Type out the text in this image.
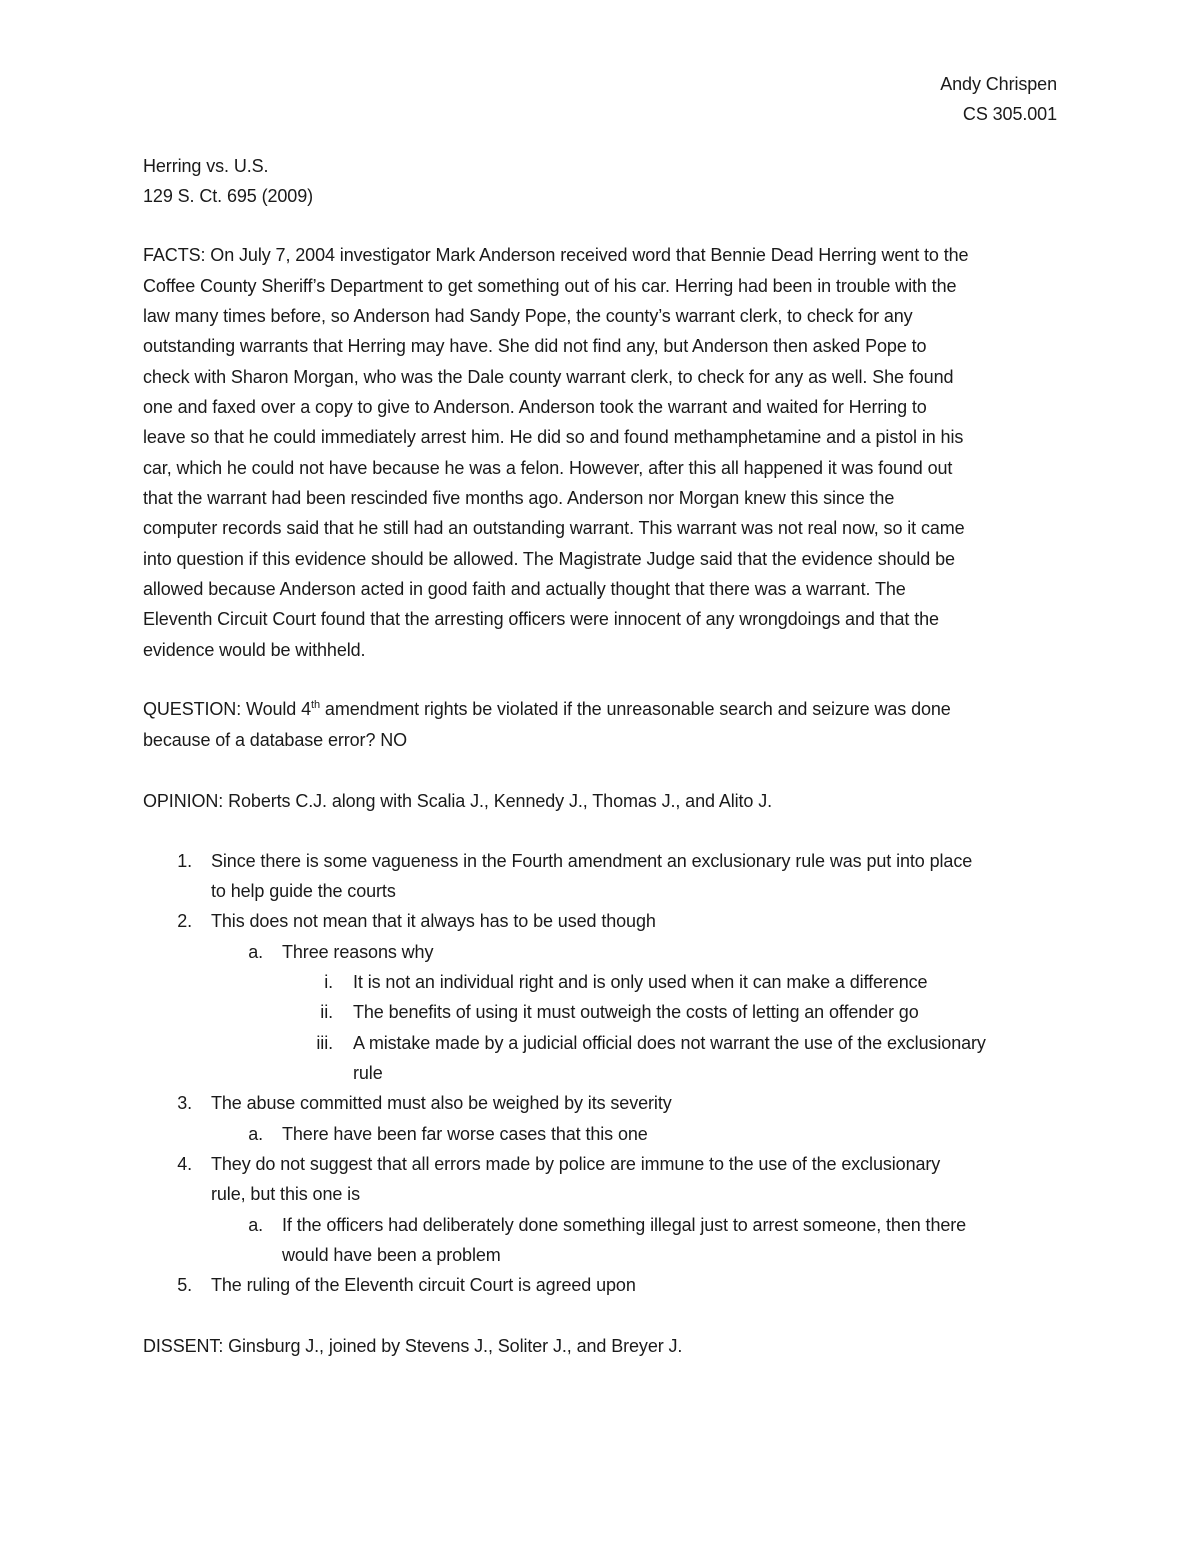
Andy Chrispen
CS 305.001
Herring vs. U.S.
129 S. Ct. 695 (2009)
FACTS: On July 7, 2004 investigator Mark Anderson received word that Bennie Dead Herring went to the
Coffee County Sheriff’s Department to get something out of his car. Herring had been in trouble with the
law many times before, so Anderson had Sandy Pope, the county’s warrant clerk, to check for any
outstanding warrants that Herring may have. She did not find any, but Anderson then asked Pope to
check with Sharon Morgan, who was the Dale county warrant clerk, to check for any as well. She found
one and faxed over a copy to give to Anderson. Anderson took the warrant and waited for Herring to
leave so that he could immediately arrest him. He did so and found methamphetamine and a pistol in his
car, which he could not have because he was a felon. However, after this all happened it was found out
that the warrant had been rescinded five months ago. Anderson nor Morgan knew this since the
computer records said that he still had an outstanding warrant. This warrant was not real now, so it came
into question if this evidence should be allowed. The Magistrate Judge said that the evidence should be
allowed because Anderson acted in good faith and actually thought that there was a warrant. The
Eleventh Circuit Court found that the arresting officers were innocent of any wrongdoings and that the
evidence would be withheld.
QUESTION: Would 4th amendment rights be violated if the unreasonable search and seizure was done
because of a database error? NO
OPINION: Roberts C.J. along with Scalia J., Kennedy J., Thomas J., and Alito J.
1. Since there is some vagueness in the Fourth amendment an exclusionary rule was put into place
to help guide the courts
2. This does not mean that it always has to be used though
a. Three reasons why
i. It is not an individual right and is only used when it can make a difference
ii. The benefits of using it must outweigh the costs of letting an offender go
iii. A mistake made by a judicial official does not warrant the use of the exclusionary
rule
3. The abuse committed must also be weighed by its severity
a. There have been far worse cases that this one
4. They do not suggest that all errors made by police are immune to the use of the exclusionary
rule, but this one is
a. If the officers had deliberately done something illegal just to arrest someone, then there
would have been a problem
5. The ruling of the Eleventh circuit Court is agreed upon
DISSENT: Ginsburg J., joined by Stevens J., Soliter J., and Breyer J.
